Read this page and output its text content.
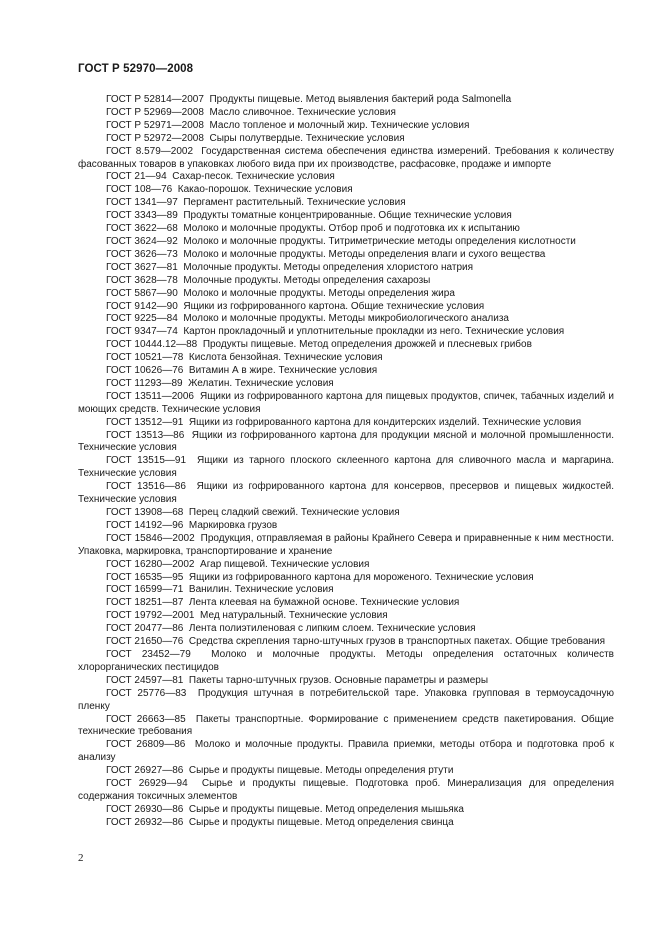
ГОСТ Р 52970—2008
ГОСТ Р 52814—2007 Продукты пищевые. Метод выявления бактерий рода Salmonella
ГОСТ Р 52969—2008 Масло сливочное. Технические условия
ГОСТ Р 52971—2008 Масло топленое и молочный жир. Технические условия
ГОСТ Р 52972—2008 Сыры полутвердые. Технические условия
ГОСТ 8.579—2002 Государственная система обеспечения единства измерений. Требования к количеству фасованных товаров в упаковках любого вида при их производстве, расфасовке, продаже и импорте
ГОСТ 21—94 Сахар-песок. Технические условия
ГОСТ 108—76 Какао-порошок. Технические условия
ГОСТ 1341—97 Пергамент растительный. Технические условия
ГОСТ 3343—89 Продукты томатные концентрированные. Общие технические условия
ГОСТ 3622—68 Молоко и молочные продукты. Отбор проб и подготовка их к испытанию
ГОСТ 3624—92 Молоко и молочные продукты. Титриметрические методы определения кислотности
ГОСТ 3626—73 Молоко и молочные продукты. Методы определения влаги и сухого вещества
ГОСТ 3627—81 Молочные продукты. Методы определения хлористого натрия
ГОСТ 3628—78 Молочные продукты. Методы определения сахарозы
ГОСТ 5867—90 Молоко и молочные продукты. Методы определения жира
ГОСТ 9142—90 Ящики из гофрированного картона. Общие технические условия
ГОСТ 9225—84 Молоко и молочные продукты. Методы микробиологического анализа
ГОСТ 9347—74 Картон прокладочный и уплотнительные прокладки из него. Технические условия
ГОСТ 10444.12—88 Продукты пищевые. Метод определения дрожжей и плесневых грибов
ГОСТ 10521—78 Кислота бензойная. Технические условия
ГОСТ 10626—76 Витамин А в жире. Технические условия
ГОСТ 11293—89 Желатин. Технические условия
ГОСТ 13511—2006 Ящики из гофрированного картона для пищевых продуктов, спичек, табачных изделий и моющих средств. Технические условия
ГОСТ 13512—91 Ящики из гофрированного картона для кондитерских изделий. Технические условия
ГОСТ 13513—86 Ящики из гофрированного картона для продукции мясной и молочной промышленности. Технические условия
ГОСТ 13515—91 Ящики из тарного плоского склеенного картона для сливочного масла и маргарина. Технические условия
ГОСТ 13516—86 Ящики из гофрированного картона для консервов, пресервов и пищевых жидкостей. Технические условия
ГОСТ 13908—68 Перец сладкий свежий. Технические условия
ГОСТ 14192—96 Маркировка грузов
ГОСТ 15846—2002 Продукция, отправляемая в районы Крайнего Севера и приравненные к ним местности. Упаковка, маркировка, транспортирование и хранение
ГОСТ 16280—2002 Агар пищевой. Технические условия
ГОСТ 16535—95 Ящики из гофрированного картона для мороженого. Технические условия
ГОСТ 16599—71 Ванилин. Технические условия
ГОСТ 18251—87 Лента клеевая на бумажной основе. Технические условия
ГОСТ 19792—2001 Мед натуральный. Технические условия
ГОСТ 20477—86 Лента полиэтиленовая с липким слоем. Технические условия
ГОСТ 21650—76 Средства скрепления тарно-штучных грузов в транспортных пакетах. Общие требования
ГОСТ 23452—79 Молоко и молочные продукты. Методы определения остаточных количеств хлорорганических пестицидов
ГОСТ 24597—81 Пакеты тарно-штучных грузов. Основные параметры и размеры
ГОСТ 25776—83 Продукция штучная в потребительской таре. Упаковка групповая в термоусадочную пленку
ГОСТ 26663—85 Пакеты транспортные. Формирование с применением средств пакетирования. Общие технические требования
ГОСТ 26809—86 Молоко и молочные продукты. Правила приемки, методы отбора и подготовка проб к анализу
ГОСТ 26927—86 Сырье и продукты пищевые. Методы определения ртути
ГОСТ 26929—94 Сырье и продукты пищевые. Подготовка проб. Минерализация для определения содержания токсичных элементов
ГОСТ 26930—86 Сырье и продукты пищевые. Метод определения мышьяка
ГОСТ 26932—86 Сырье и продукты пищевые. Метод определения свинца
2
